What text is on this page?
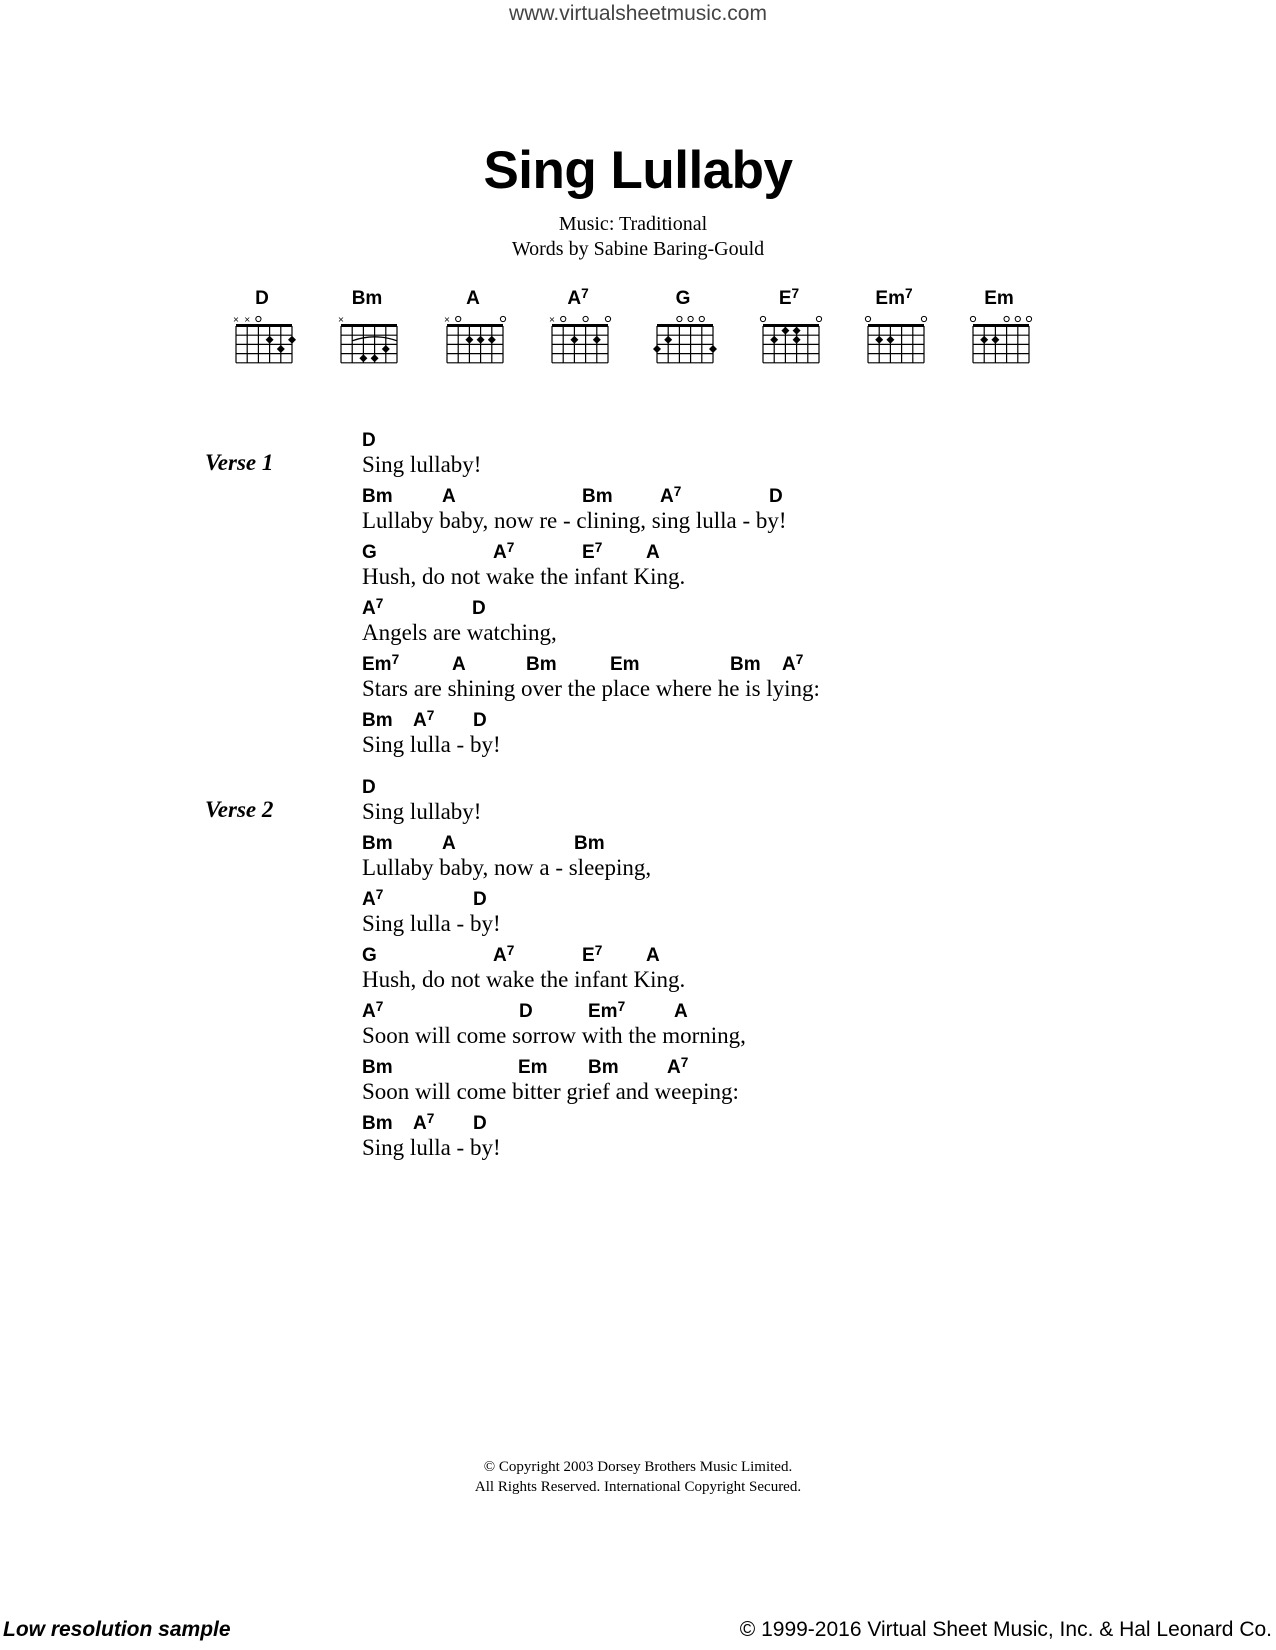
www.virtualsheetmusic.com
Sing Lullaby
Music: Traditional
Words by Sabine Baring-Gould
D
× ×
Bm
×
A
×
$A^7$
×
G	$E^7$	Em$^7$	Em
Verse 1
D
Sing lullaby!
Bm	A	Bm $A^7$	D
Lullaby baby, now re - clining, sing lulla - by!
G	$A^7$	$E^7$ A
Hush, do not wake the infant King.
$A^7$	D
Angels are watching,
Em$^7$	A	Bm	Em	Bm $A^7$
Stars are shining over the place where he is lying:
Bm $A^7$ D
Sing lulla - by!
Verse 2
D
Sing lullaby!
Bm	A	Bm
Lullaby baby, now a - sleeping,
$A^7$	D
Sing lulla - by!
G	$A^7$	$E^7$ A
Hush, do not wake the infant King.
$A^7$	D	Em$^7$	A
Soon will come sorrow with the morning,
Bm	Em Bm	$A^7$
Soon will come bitter grief and weeping:
Bm $A^7$ D
Sing lulla - by!
© Copyright 2003 Dorsey Brothers Music Limited.
All Rights Reserved. International Copyright Secured.
Low resolution sample	© 1999-2016 Virtual Sheet Music, Inc. & Hal Leonard Co.
